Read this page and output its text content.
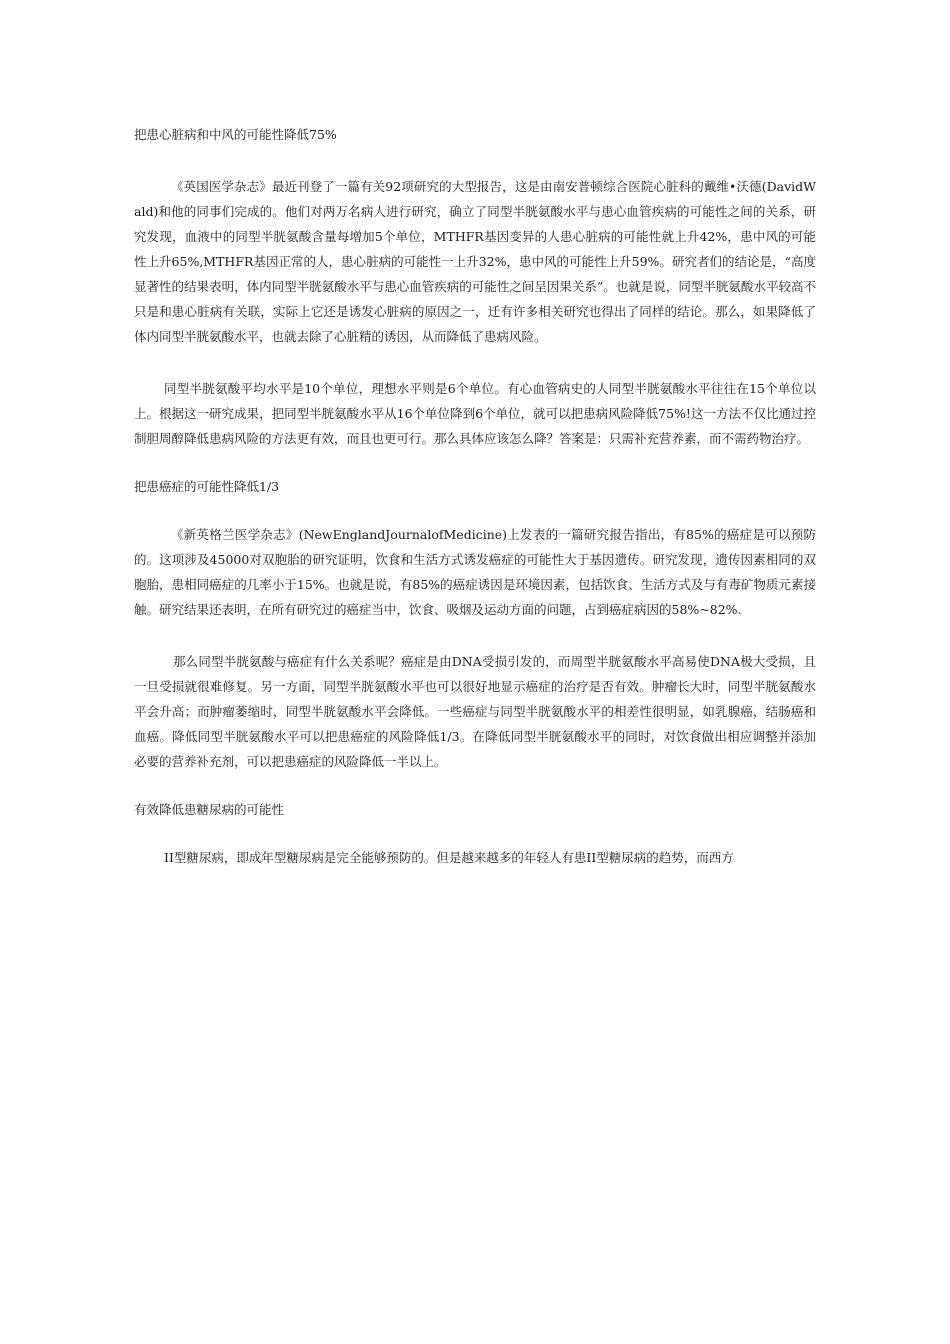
把患心脏病和中风的可能性降低75%

《英国医学杂志》最近刊登了一篇有关92项研究的大型报告，这是由南安普顿综合医院心脏科的戴维•沃德(DavidWald)和他的同事们完成的。他们对两万名病人进行研究，确立了同型半胱氨酸水平与患心血管疾病的可能性之间的关系，研究发现，血液中的同型半胱氨酸含量每增加5个单位，MTHFR基因变异的人患心脏病的可能性就上升42%，患中风的可能性上升65%,MTHFR基因正常的人，患心脏病的可能性一上升32%，患中风的可能性上升59%。研究者们的结论是，“高度显著性的结果表明，体内同型半胱氨酸水平与患心血管疾病的可能性之间呈因果关系”。也就是说，同型半胱氨酸水平较高不只是和患心脏病有关联，实际上它还是诱发心脏病的原因之一，迁有许多相关研究也得出了同样的结论。那么，如果降低了体内同型半胱氨酸水平，也就去除了心脏精的诱因，从而降低了患病风险。

同型半胱氨酸平均水平是10个单位，理想水平则是6个单位。有心血管病史的人同型半胱氨酸水平往往在15个单位以上。根据这一研究成果，把同型半胱氨酸水平从16个单位降到6个单位，就可以把患病风险降低75%!这一方法不仅比通过控制胆周醇降低患病风险的方法更有效，而且也更可行。那么具体应该怎么降？答案是：只需补充营养素，而不需药物治疗。

把患癌症的可能性降低1/3

《新英格兰医学杂志》(NewEnglandJournalofMedicine)上发表的一篇研究报告指出，有85%的癌症是可以预防的。这项涉及45000对双胞胎的研究证明，饮食和生活方式诱发癌症的可能性大于基因遗传。研究发现，遗传因素相同的双胞胎，患相同癌症的几率小于15%。也就是说，有85%的癌症诱因是环境因素，包括饮食、生活方式及与有毒矿物质元素接触。研究结果还表明，在所有研究过的癌症当中，饮食、吸烟及运动方面的问题，占到癌症病因的58%~82%.

那么同型半胱氨酸与癌症有什么关系呢？癌症是由DNA受损引发的，而周型半胱氨酸水平高易使DNA极大受损，且一旦受损就很难修复。另一方面，同型半胱氨酸水平也可以很好地显示癌症的治疗是否有效。肿瘤长大时，同型半胱氨酸水平会升高；而肿瘤萎缩时，同型半胱氨酸水平会降低。一些癌症与同型半胱氨酸水平的相差性很明显，如乳腺癌，结肠癌和血癌。降低同型半胱氨酸水平可以把患癌症的风险降低1/3。在降低同型半胱氨酸水平的同时，对饮食做出相应调整并添加必要的营养补充剂，可以把患癌症的风险降低一半以上。

有效降低患糖尿病的可能性

II型糖尿病，即成年型糖尿病是完全能够预防的。但是越来越多的年轻人有患II型糖尿病的趋势，而西方
